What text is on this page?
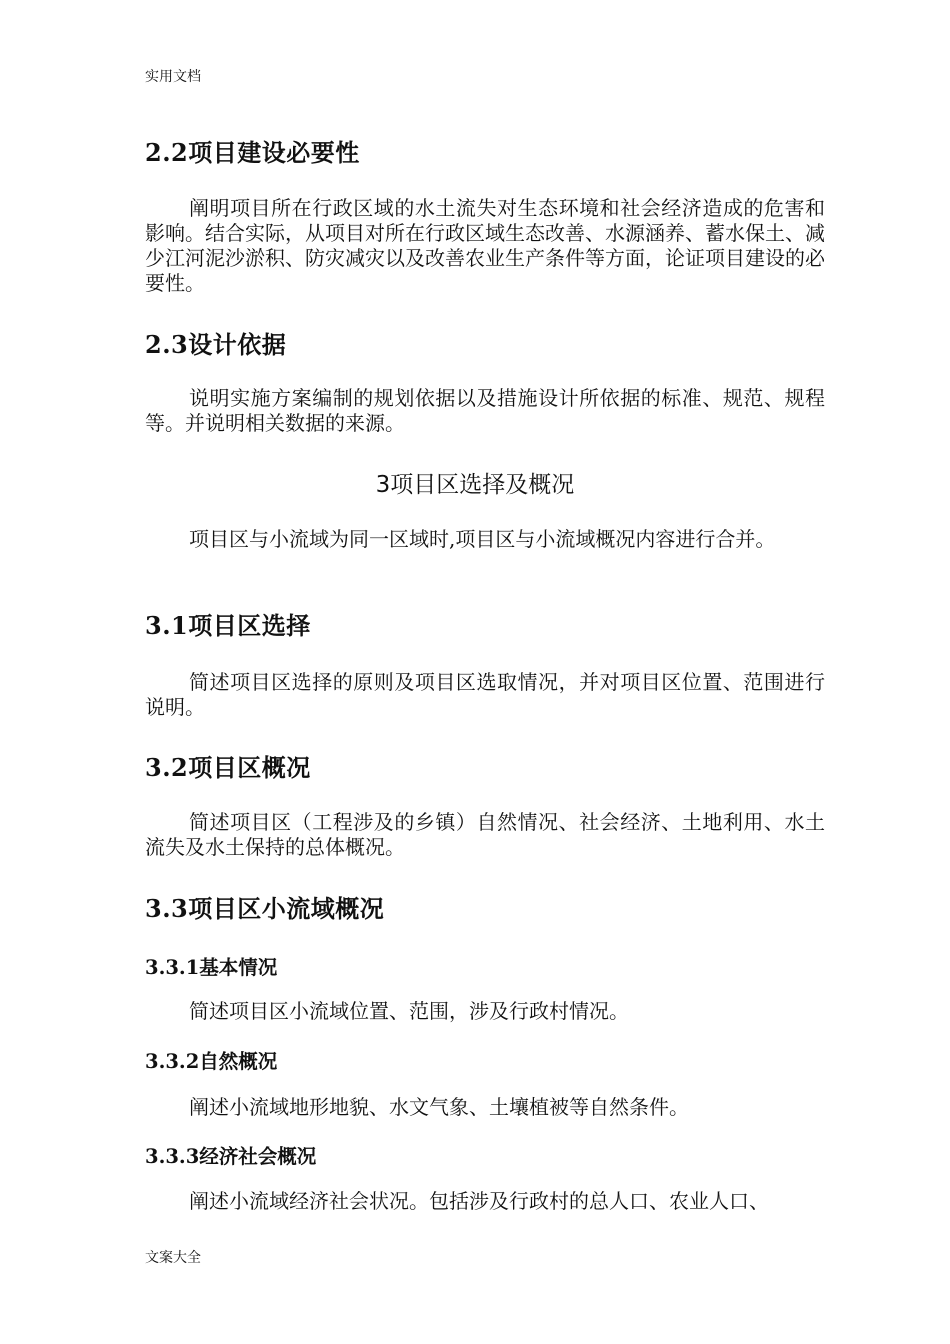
实用文档
2.2项目建设必要性

阐明项目所在行政区域的水土流失对生态环境和社会经济造成的危害和影响。结合实际，从项目对所在行政区域生态改善、水源涵养、蓄水保土、减少江河泥沙淤积、防灾减灾以及改善农业生产条件等方面，论证项目建设的必要性。

2.3设计依据

说明实施方案编制的规划依据以及措施设计所依据的标准、规范、规程等。并说明相关数据的来源。

3项目区选择及概况

项目区与小流域为同一区域时,项目区与小流域概况内容进行合并。

3.1项目区选择

简述项目区选择的原则及项目区选取情况，并对项目区位置、范围进行说明。

3.2项目区概况

简述项目区（工程涉及的乡镇）自然情况、社会经济、土地利用、水土流失及水土保持的总体概况。

3.3项目区小流域概况
3.3.1基本情况

简述项目区小流域位置、范围，涉及行政村情况。

3.3.2自然概况

阐述小流域地形地貌、水文气象、土壤植被等自然条件。

3.3.3经济社会概况

阐述小流域经济社会状况。包括涉及行政村的总人口、农业人口、

文案大全
